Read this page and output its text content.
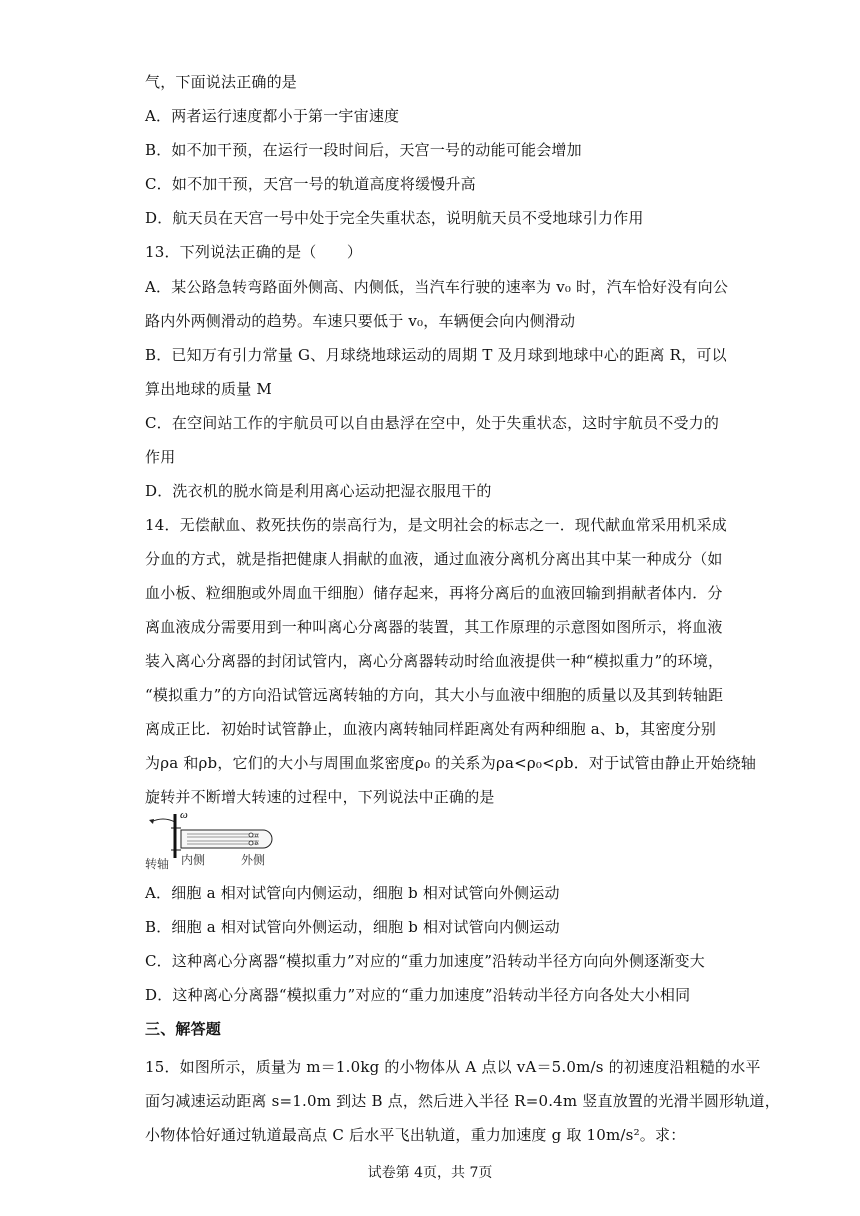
气，下面说法正确的是
A．两者运行速度都小于第一宇宙速度
B．如不加干预，在运行一段时间后，天宫一号的动能可能会增加
C．如不加干预，天宫一号的轨道高度将缓慢升高
D．航天员在天宫一号中处于完全失重状态，说明航天员不受地球引力作用
13．下列说法正确的是（　　）
A．某公路急转弯路面外侧高、内侧低，当汽车行驶的速率为 v₀ 时，汽车恰好没有向公
路内外两侧滑动的趋势。车速只要低于 v₀，车辆便会向内侧滑动
B．已知万有引力常量 G、月球绕地球运动的周期 T 及月球到地球中心的距离 R，可以
算出地球的质量 M
C．在空间站工作的宇航员可以自由悬浮在空中，处于失重状态，这时宇航员不受力的
作用
D．洗衣机的脱水筒是利用离心运动把湿衣服甩干的
14．无偿献血、救死扶伤的崇高行为，是文明社会的标志之一．现代献血常采用机采成
分血的方式，就是指把健康人捐献的血液，通过血液分离机分离出其中某一种成分（如
血小板、粒细胞或外周血干细胞）储存起来，再将分离后的血液回输到捐献者体内．分
离血液成分需要用到一种叫离心分离器的装置，其工作原理的示意图如图所示，将血液
装入离心分离器的封闭试管内，离心分离器转动时给血液提供一种“模拟重力”的环境，
“模拟重力”的方向沿试管远离转轴的方向，其大小与血液中细胞的质量以及其到转轴距
离成正比．初始时试管静止，血液内离转轴同样距离处有两种细胞 a、b，其密度分别
为ρa 和ρb，它们的大小与周围血浆密度ρ₀ 的关系为ρa<ρ₀<ρb．对于试管由静止开始绕轴
旋转并不断增大转速的过程中，下列说法中正确的是
ω
a
b
转轴 内侧	外侧
A．细胞 a 相对试管向内侧运动，细胞 b 相对试管向外侧运动
B．细胞 a 相对试管向外侧运动，细胞 b 相对试管向内侧运动
C．这种离心分离器“模拟重力”对应的“重力加速度”沿转动半径方向向外侧逐渐变大
D．这种离心分离器“模拟重力”对应的“重力加速度”沿转动半径方向各处大小相同
三、解答题
15．如图所示，质量为 m＝1.0kg 的小物体从 A 点以 vA＝5.0m/s 的初速度沿粗糙的水平
面匀减速运动距离 s=1.0m 到达 B 点，然后进入半径 R=0.4m 竖直放置的光滑半圆形轨道，
小物体恰好通过轨道最高点 C 后水平飞出轨道，重力加速度 g 取 10m/s²。求：
试卷第 4页，共 7页
